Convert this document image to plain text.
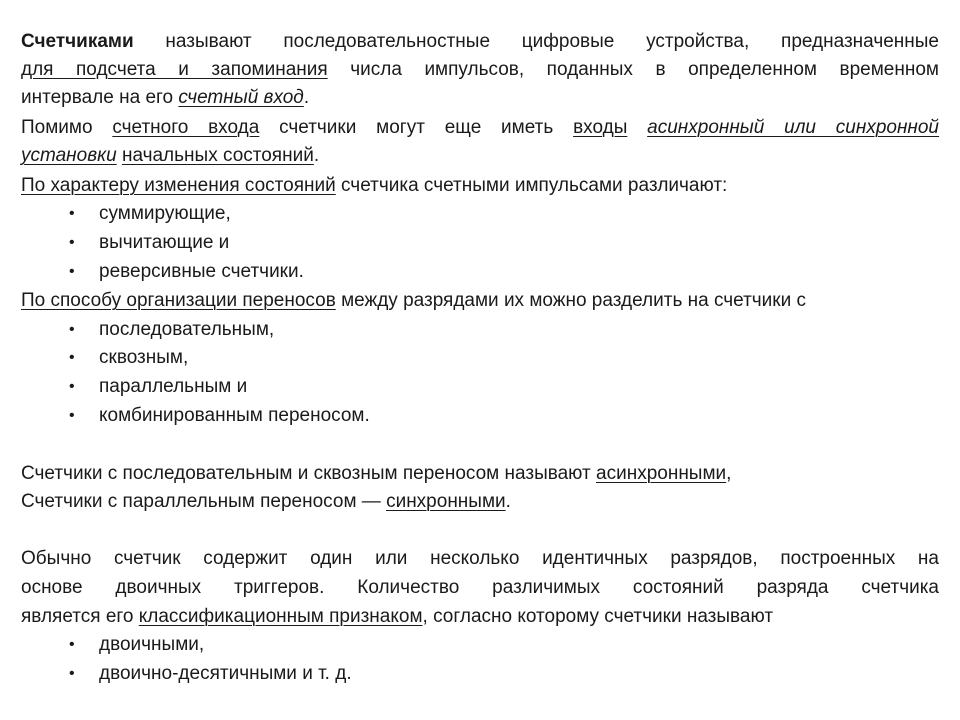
Счетчиками называют последовательностные цифровые устройства, предназначенные
для подсчета и запоминания числа импульсов, поданных в определенном временном
интервале на его счетный вход.
Помимо счетного входа счетчики могут еще иметь входы асинхронный или синхронной
установки начальных состояний.
По характеру изменения состояний счетчика счетными импульсами различают:
• суммирующие,
• вычитающие и
• реверсивные счетчики.
По способу организации переносов между разрядами их можно разделить на счетчики с
• последовательным,
• сквозным,
• параллельным и
• комбинированным переносом.
Счетчики с последовательным и сквозным переносом называют асинхронными,
Счетчики с параллельным переносом — синхронными.
Обычно счетчик содержит один или несколько идентичных разрядов, построенных на
основе двоичных триггеров. Количество различимых состояний разряда счетчика
является его классификационным признаком, согласно которому счетчики называют
• двоичными,
• двоично-десятичными и т. д.
